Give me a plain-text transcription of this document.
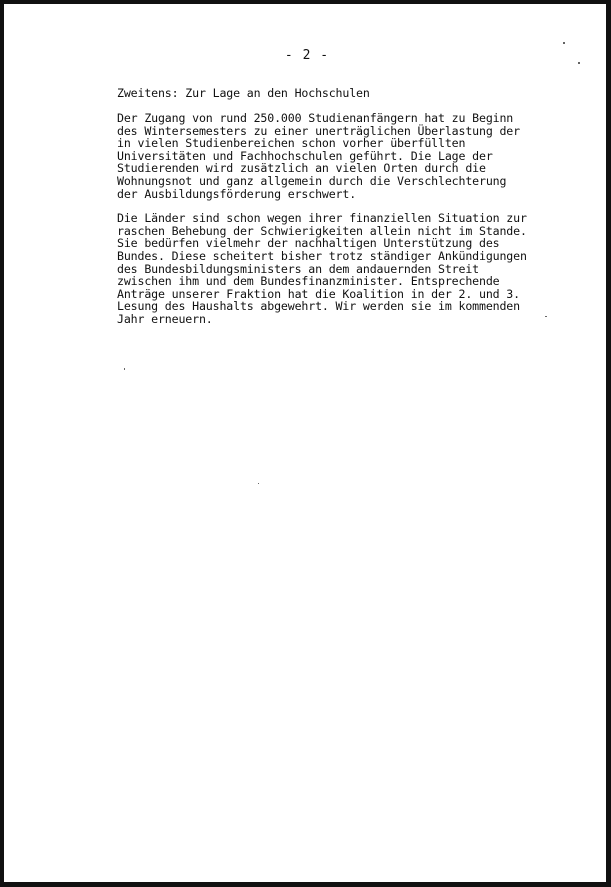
- 2 -
Zweitens: Zur Lage an den Hochschulen
Der Zugang von rund 250.000 Studienanfängern hat zu Beginn
des Wintersemesters zu einer unerträglichen Überlastung der
in vielen Studienbereichen schon vorher überfüllten
Universitäten und Fachhochschulen geführt. Die Lage der
Studierenden wird zusätzlich an vielen Orten durch die
Wohnungsnot und ganz allgemein durch die Verschlechterung
der Ausbildungsförderung erschwert.
Die Länder sind schon wegen ihrer finanziellen Situation zur
raschen Behebung der Schwierigkeiten allein nicht im Stande.
Sie bedürfen vielmehr der nachhaltigen Unterstützung des
Bundes. Diese scheitert bisher trotz ständiger Ankündigungen
des Bundesbildungsministers an dem andauernden Streit
zwischen ihm und dem Bundesfinanzminister. Entsprechende
Anträge unserer Fraktion hat die Koalition in der 2. und 3.
Lesung des Haushalts abgewehrt. Wir werden sie im kommenden
Jahr erneuern.
